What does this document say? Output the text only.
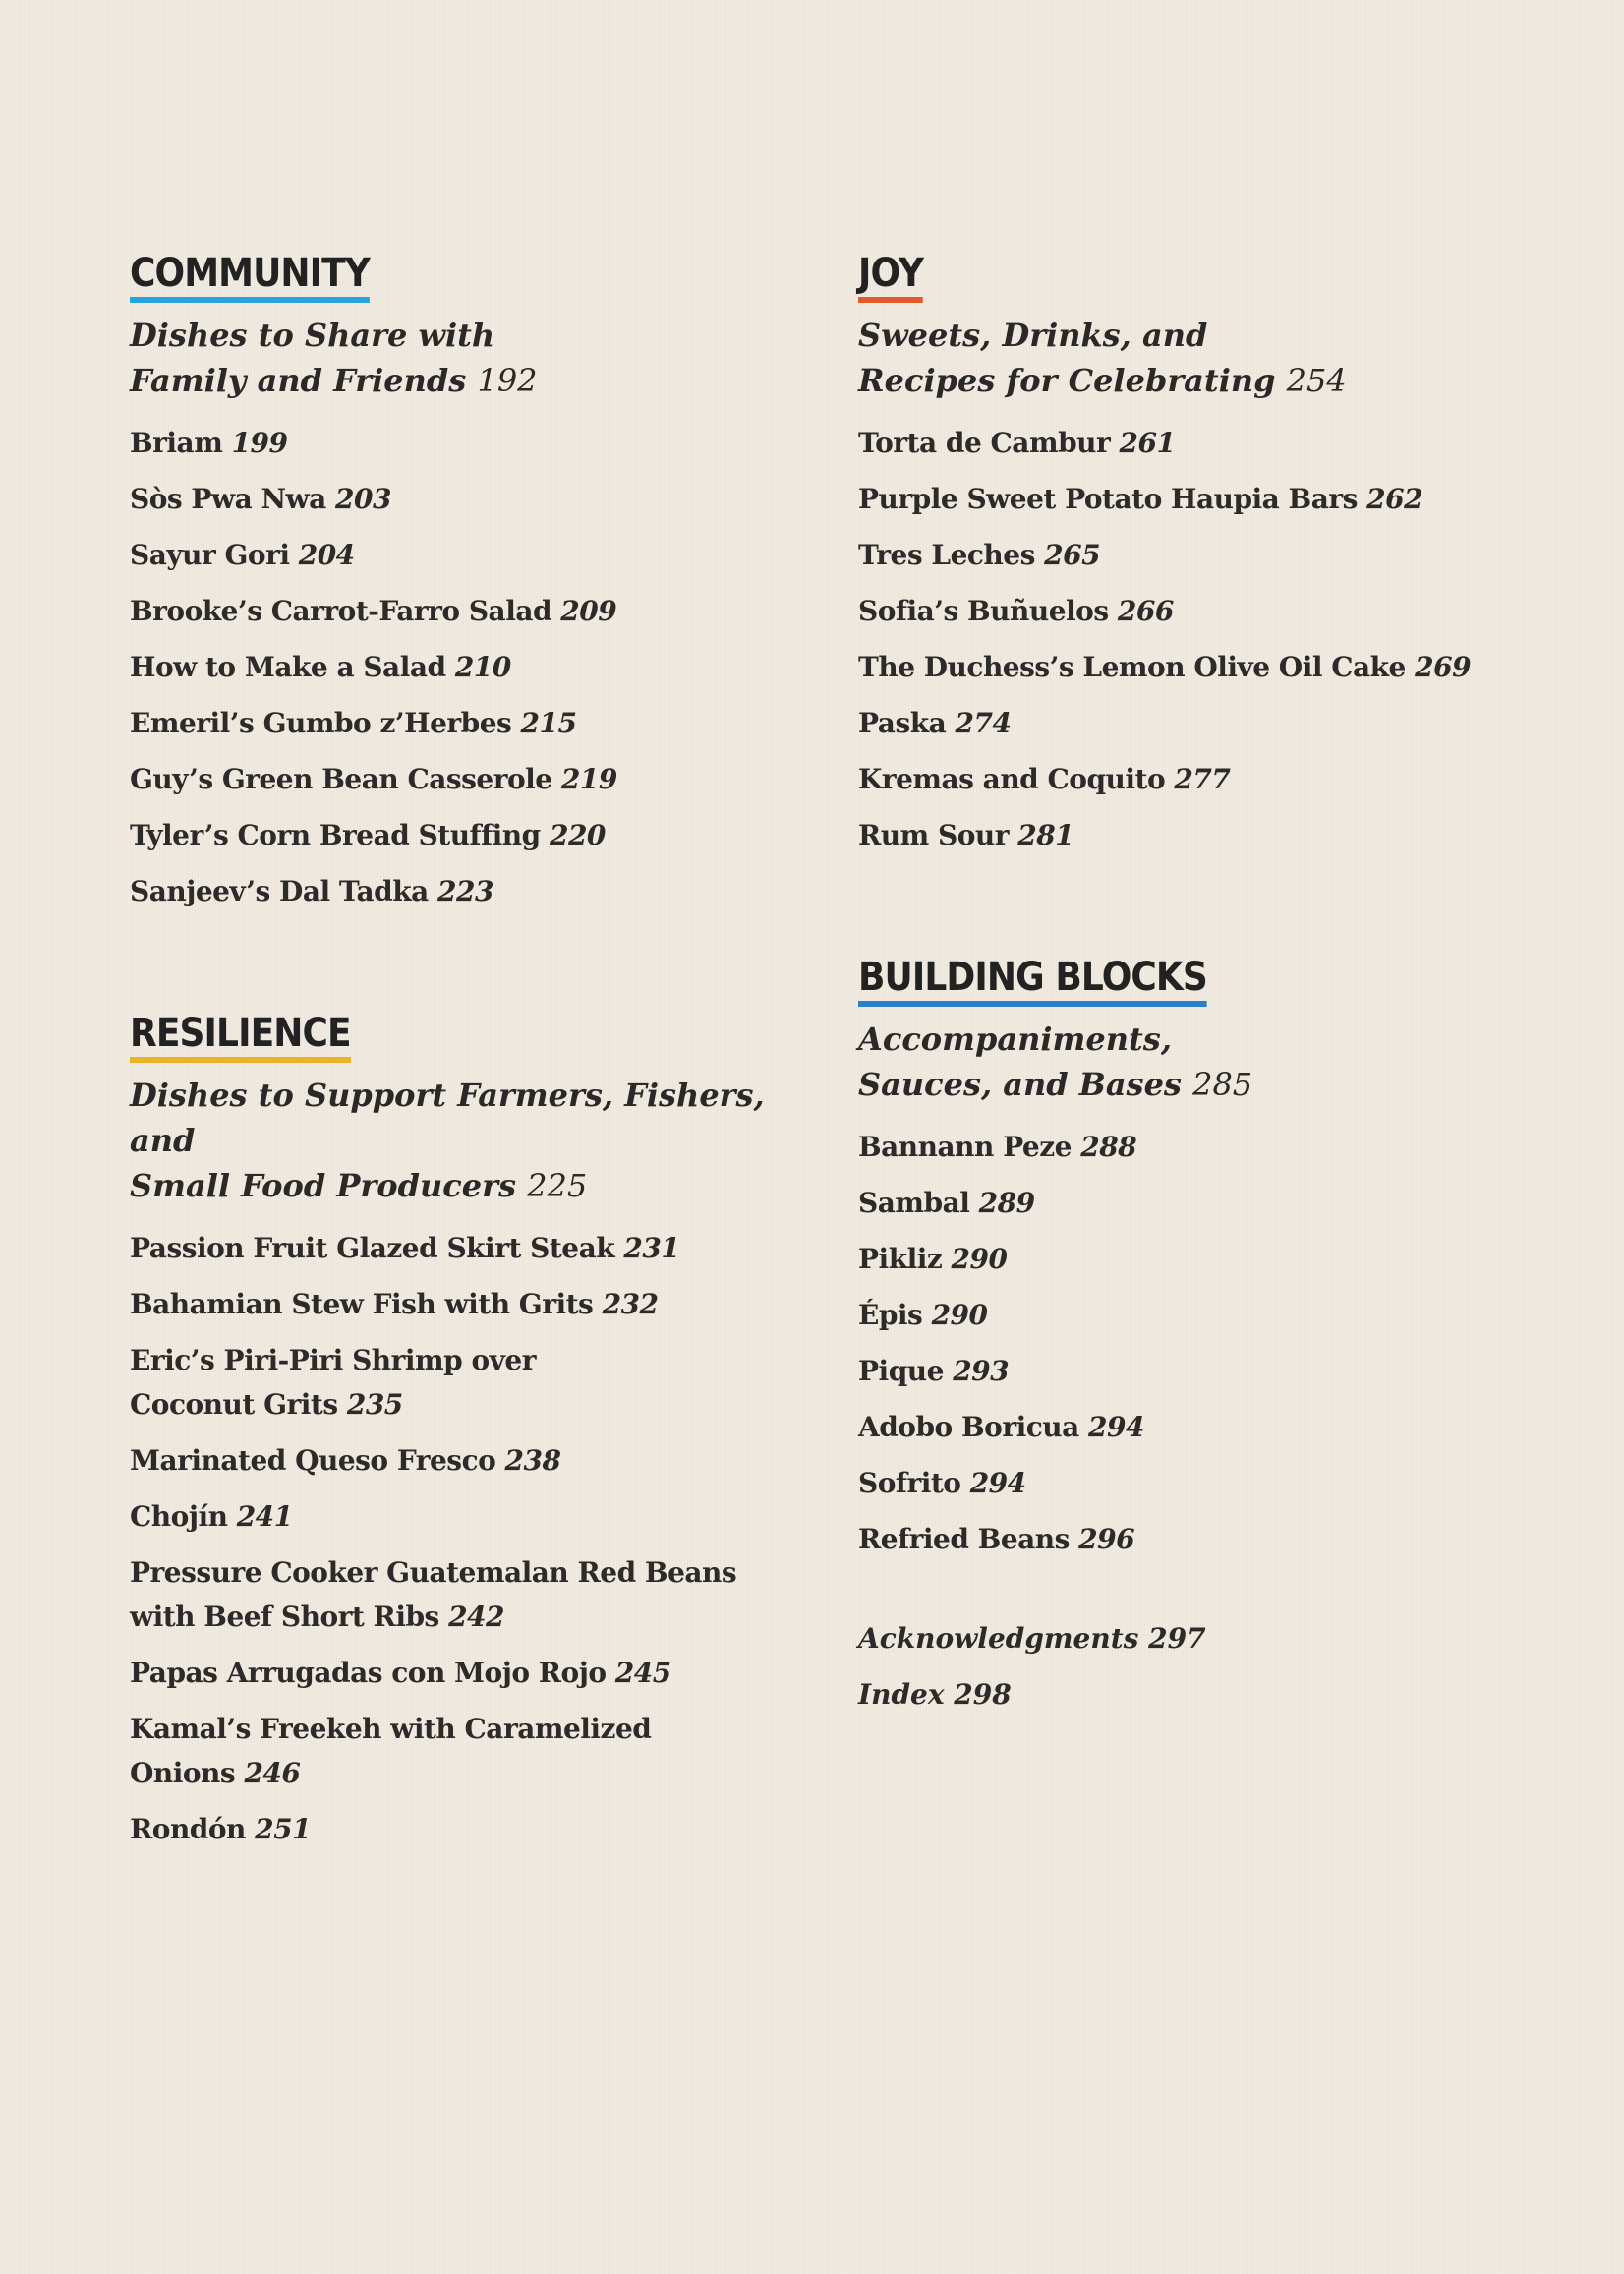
COMMUNITY
Dishes to Share with
Family and Friends 192
Briam 199
Sòs Pwa Nwa 203
Sayur Gori 204
Brooke’s Carrot-Farro Salad 209
How to Make a Salad 210
Emeril’s Gumbo z’Herbes 215
Guy’s Green Bean Casserole 219
Tyler’s Corn Bread Stuffing 220
Sanjeev’s Dal Tadka 223
RESILIENCE
Dishes to Support Farmers, Fishers, and
Small Food Producers 225
Passion Fruit Glazed Skirt Steak 231
Bahamian Stew Fish with Grits 232
Eric’s Piri-Piri Shrimp over
Coconut Grits 235
Marinated Queso Fresco 238
Chojín 241
Pressure Cooker Guatemalan Red Beans
with Beef Short Ribs 242
Papas Arrugadas con Mojo Rojo 245
Kamal’s Freekeh with Caramelized
Onions 246
Rondón 251
JOY
Sweets, Drinks, and
Recipes for Celebrating 254
Torta de Cambur 261
Purple Sweet Potato Haupia Bars 262
Tres Leches 265
Sofia’s Buñuelos 266
The Duchess’s Lemon Olive Oil Cake 269
Paska 274
Kremas and Coquito 277
Rum Sour 281
BUILDING BLOCKS
Accompaniments,
Sauces, and Bases 285
Bannann Peze 288
Sambal 289
Pikliz 290
Épis 290
Pique 293
Adobo Boricua 294
Sofrito 294
Refried Beans 296
Acknowledgments 297
Index 298
